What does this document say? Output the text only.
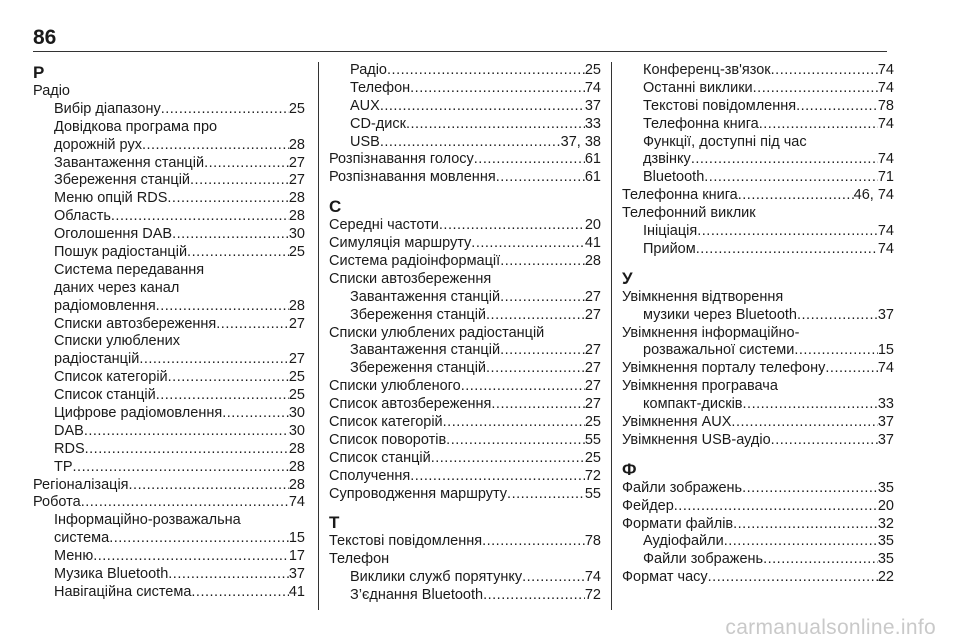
86
Р
Радіо
Вибір діапазону .....	25
Довідкова програма про
дорожній рух .....	28
Завантаження станцій .....	27
Збереження станцій .....	27
Меню опцій RDS .....	28
Область .....	28
Оголошення DAB .....	30
Пошук радіостанцій .....	25
Система передавання
даних через канал
радіомовлення .....	28
Списки автозбереження .....	27
Списки улюблених
радіостанцій .....	27
Список категорій .....	25
Список станцій .....	25
Цифрове радіомовлення .....	30
DAB .....	30
RDS .....	28
TP .....	28
Регіоналізація .....	28
Робота .....	74
Інформаційно-розважальна
система .....	15
Меню .....	17
Музика Bluetooth .....	37
Навігаційна система .....	41
Радіо .....	25
Телефон .....	74
AUX .....	37
CD-диск .....	33
USB .....	37, 38
Розпізнавання голосу .....	61
Розпізнавання мовлення .....	61
С
Середні частоти .....	20
Симуляція маршруту .....	41
Система радіоінформації .....	28
Списки автозбереження
Завантаження станцій .....	27
Збереження станцій .....	27
Списки улюблених радіостанцій
Завантаження станцій .....	27
Збереження станцій .....	27
Списки улюбленого .....	27
Список автозбереження .....	27
Список категорій .....	25
Список поворотів .....	55
Список станцій .....	25
Сполучення .....	72
Супроводження маршруту .....	55
Т
Текстові повідомлення .....	78
Телефон
Виклики служб порятунку .....	74
З’єднання Bluetooth .....	72
Конференц-зв'язок .....	74
Останні виклики .....	74
Текстові повідомлення .....	78
Телефонна книга .....	74
Функції, доступні під час
дзвінку .....	74
Bluetooth .....	71
Телефонна книга .....	46, 74
Телефонний виклик
Ініціація .....	74
Прийом .....	74
У
Увімкнення відтворення
музики через Bluetooth .....	37
Увімкнення інформаційно-
розважальної системи .....	15
Увімкнення порталу телефону .....	74
Увімкнення програвача
компакт-дисків .....	33
Увімкнення AUX .....	37
Увімкнення USB-аудіо .....	37
Ф
Файли зображень .....	35
Фейдер .....	20
Формати файлів .....	32
Аудіофайли .....	35
Файли зображень .....	35
Формат часу .....	22
carmanualsonline.info
